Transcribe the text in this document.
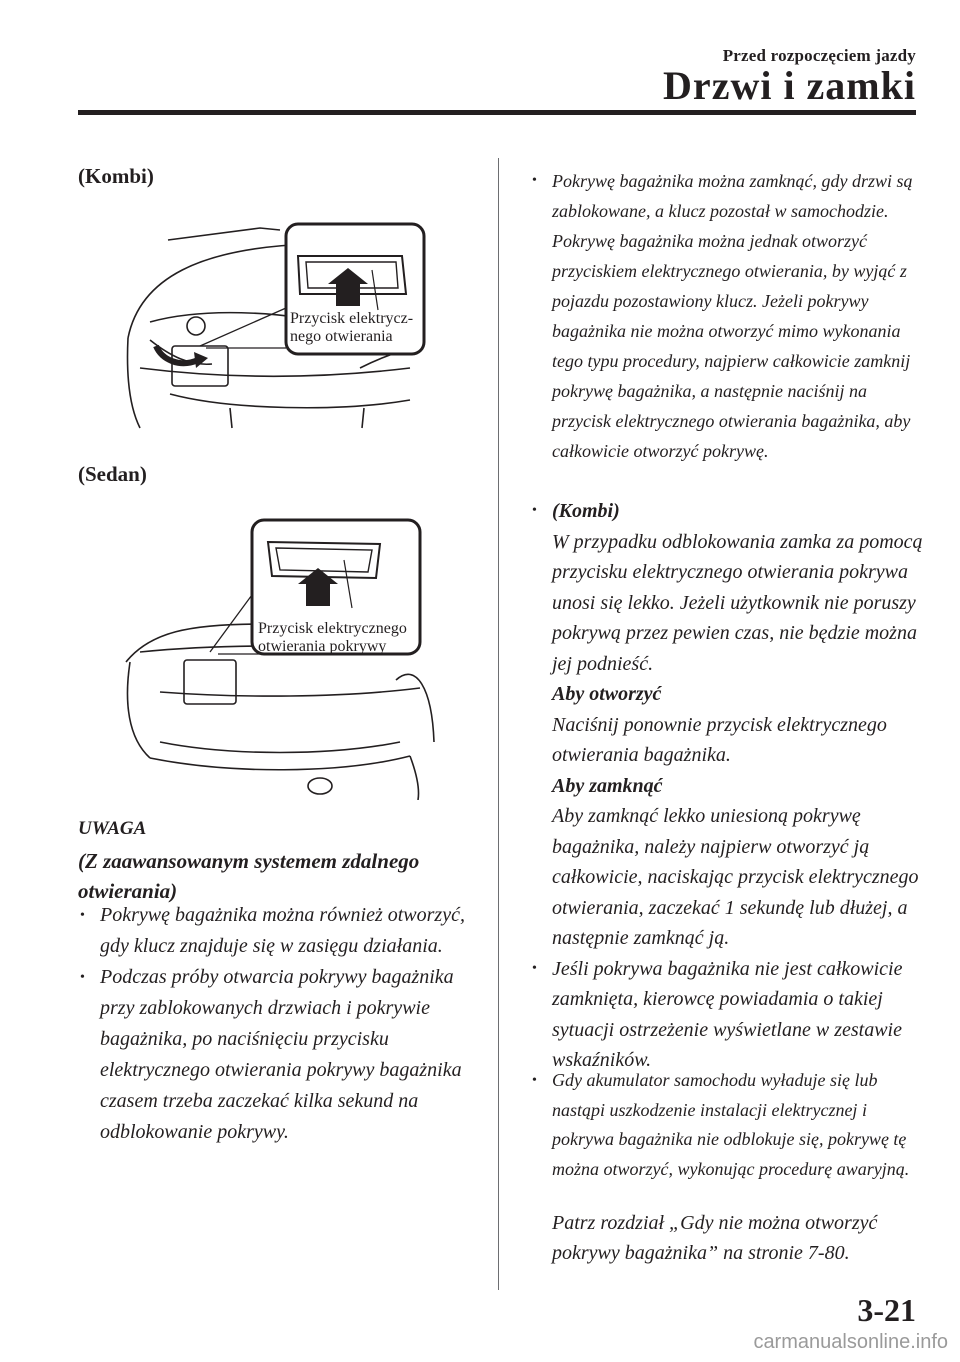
Przed rozpoczęciem jazdy
Drzwi i zamki
(Kombi)
Przycisk elektrycz-
nego otwierania
(Sedan)
Przycisk elektrycznego
otwierania pokrywy
UWAGA
(Z zaawansowanym systemem zdalnego otwierania)
• Pokrywę bagażnika można również otworzyć, gdy klucz znajduje się w zasięgu działania.
• Podczas próby otwarcia pokrywy bagażnika przy zablokowanych drzwiach i pokrywie bagażnika, po naciśnięciu przycisku elektrycznego otwierania pokrywy bagażnika czasem trzeba zaczekać kilka sekund na odblokowanie pokrywy.
• Pokrywę bagażnika można zamknąć, gdy drzwi są zablokowane, a klucz pozostał w samochodzie. Pokrywę bagażnika można jednak otworzyć przyciskiem elektrycznego otwierania, by wyjąć z pojazdu pozostawiony klucz. Jeżeli pokrywy bagażnika nie można otworzyć mimo wykonania tego typu procedury, najpierw całkowicie zamknij pokrywę bagażnika, a następnie naciśnij na przycisk elektrycznego otwierania bagażnika, aby całkowicie otworzyć pokrywę.
• (Kombi)
W przypadku odblokowania zamka za pomocą przycisku elektrycznego otwierania pokrywa unosi się lekko. Jeżeli użytkownik nie poruszy pokrywą przez pewien czas, nie będzie można jej podnieść.
Aby otworzyć
Naciśnij ponownie przycisk elektrycznego otwierania bagażnika.
Aby zamknąć
Aby zamknąć lekko uniesioną pokrywę bagażnika, należy najpierw otworzyć ją całkowicie, naciskając przycisk elektrycznego otwierania, zaczekać 1 sekundę lub dłużej, a następnie zamknąć ją.
• Jeśli pokrywa bagażnika nie jest całkowicie zamknięta, kierowcę powiadamia o takiej sytuacji ostrzeżenie wyświetlane w zestawie wskaźników.
• Gdy akumulator samochodu wyładuje się lub nastąpi uszkodzenie instalacji elektrycznej i pokrywa bagażnika nie odblokuje się, pokrywę tę można otworzyć, wykonując procedurę awaryjną.
Patrz rozdział „Gdy nie można otworzyć pokrywy bagażnika” na stronie 7-80.
3-21
carmanualsonline.info
